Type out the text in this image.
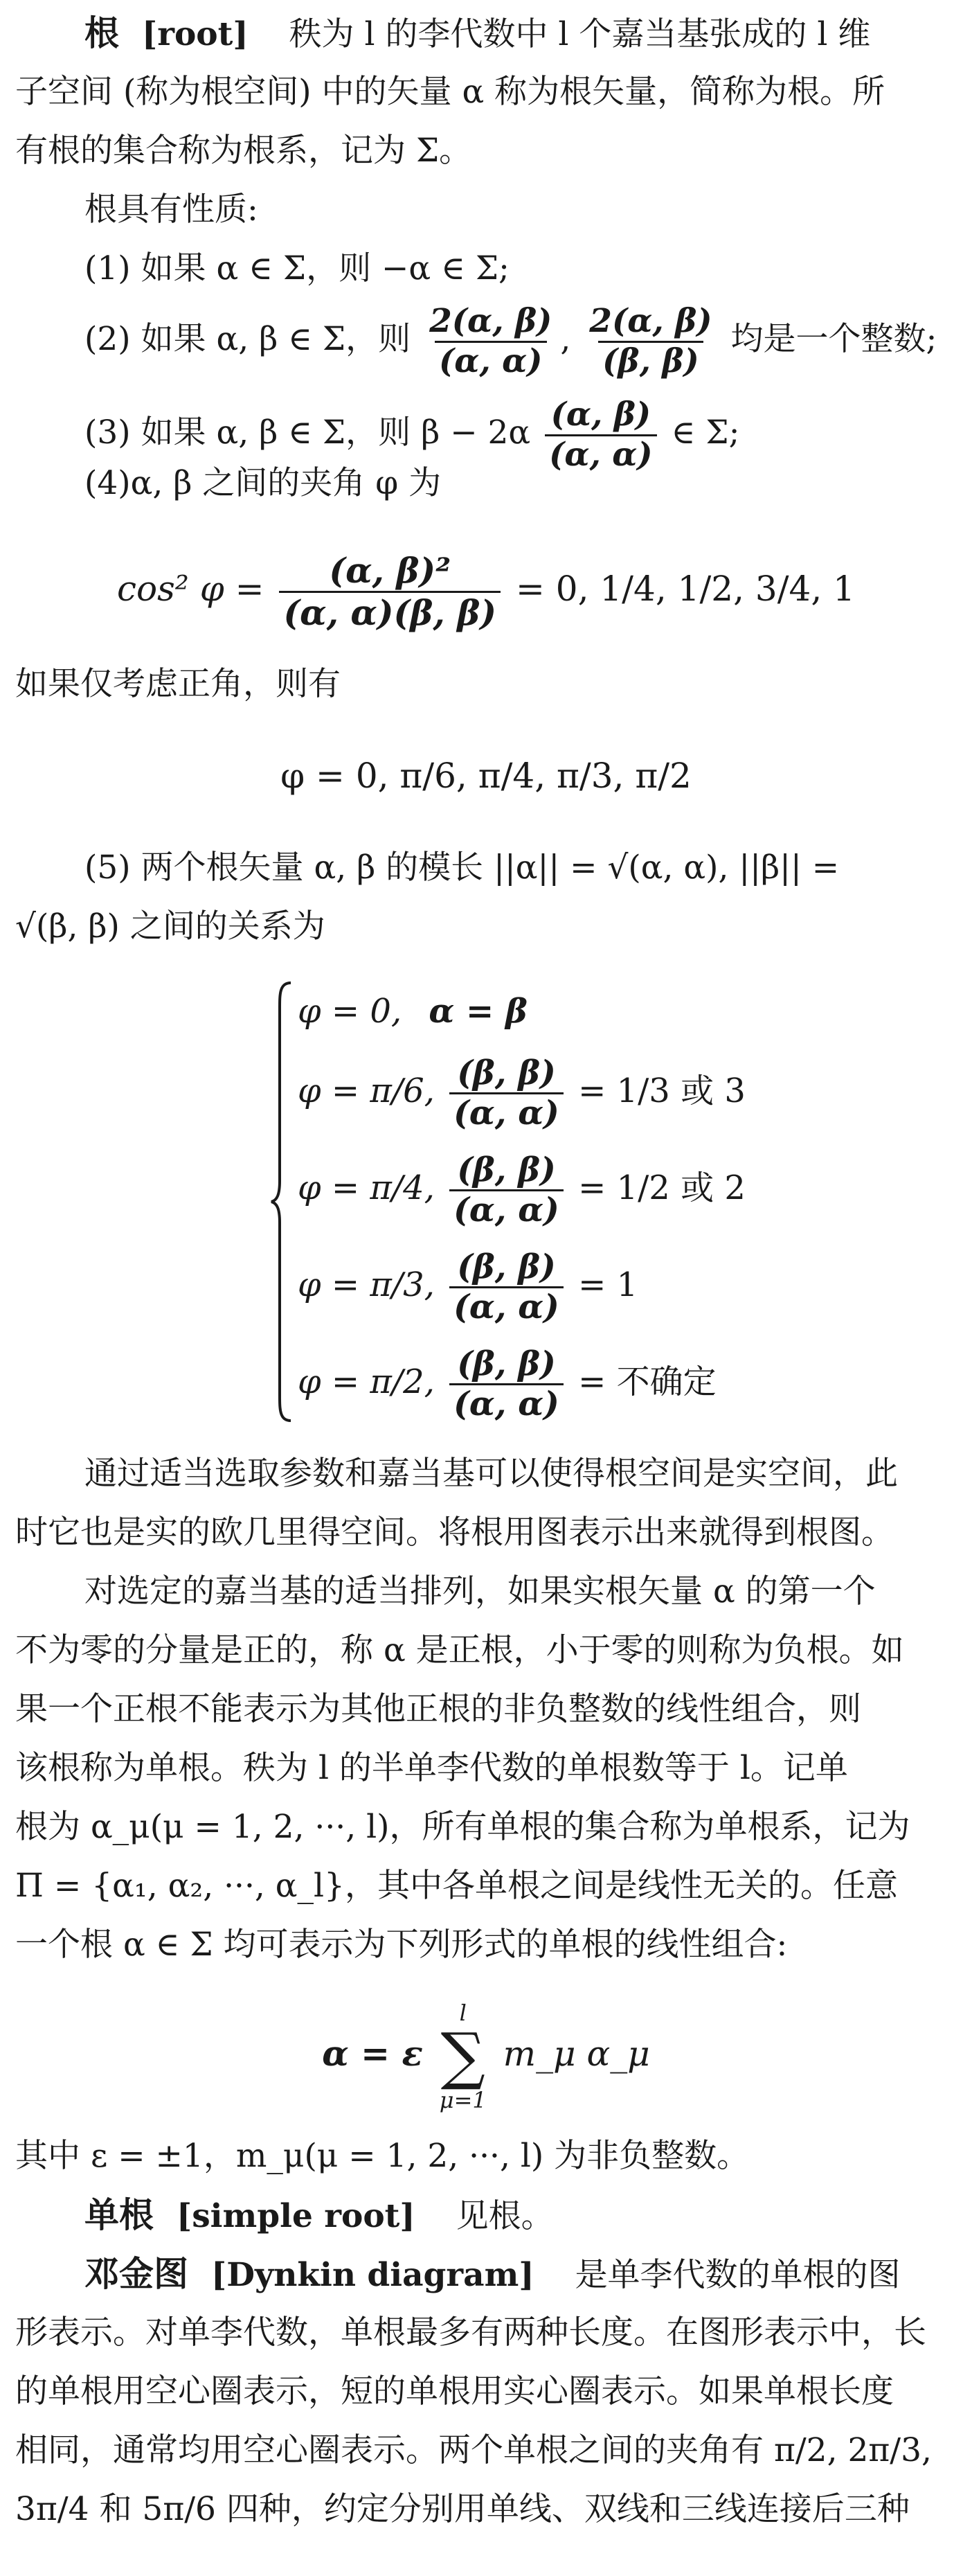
根 [root] 秩为 l 的李代数中 l 个嘉当基张成的 l 维
子空间 (称为根空间) 中的矢量 α 称为根矢量，简称为根。所
有根的集合称为根系，记为 Σ。
根具有性质:
(1) 如果 α ∈ Σ，则 −α ∈ Σ;
(2) 如果 α, β ∈ Σ，则 $\frac{2(\alpha, \beta)}{(\alpha, \alpha)}$ , $\frac{2(\alpha, \beta)}{(\beta, \beta)}$ 均是一个整数;
(3) 如果 α, β ∈ Σ，则 $\beta - 2\alpha \frac{(\alpha, \beta)}{(\alpha, \alpha)}$ ∈ Σ;
(4)α, β 之间的夹角 φ 为
cos² $\varphi = \frac{\text{(α, β)²}}{(\alpha, \alpha)(\beta, \beta)} = 0$, 1/4, 1/2, 3/4, 1
如果仅考虑正角，则有
φ = 0, π/6, π/4, π/3, π/2
(5) 两个根矢量 α, β 的模长 ||α|| = √(α, α), ||β|| =
√(β, β) 之间的关系为
φ = 0, α = β
φ = π/6, $\frac{(\beta, \beta)}{(\alpha, \alpha)} = 1/3$ 或 3
φ = π/4, $\frac{(\beta, \beta)}{(\alpha, \alpha)} = 1/2$ 或 2
φ = π/3, $\frac{(\beta, \beta)}{(\alpha, \alpha)} = 1$
φ = π/2, $\frac{(\beta, \beta)}{(\alpha, \alpha)}$ = 不确定
通过适当选取参数和嘉当基可以使得根空间是实空间，此
时它也是实的欧几里得空间。将根用图表示出来就得到根图。
对选定的嘉当基的适当排列，如果实根矢量 α 的第一个
不为零的分量是正的，称 α 是正根，小于零的则称为负根。如
果一个正根不能表示为其他正根的非负整数的线性组合，则
该根称为单根。秩为 l 的半单李代数的单根数等于 l。记单
根为 α_μ(μ = 1, 2, ···, l)，所有单根的集合称为单根系，记为
Π = {α₁, α₂, ···, α_l}，其中各单根之间是线性无关的。任意
一个根 α ∈ Σ 均可表示为下列形式的单根的线性组合:
α = ε
l
∑
μ=1
m_μ α_μ
其中 ε = ±1，m_μ(μ = 1, 2, ···, l) 为非负整数。
单根 [simple root] 见根。
邓金图 [Dynkin diagram] 是单李代数的单根的图
形表示。对单李代数，单根最多有两种长度。在图形表示中，长
的单根用空心圈表示，短的单根用实心圈表示。如果单根长度
相同，通常均用空心圈表示。两个单根之间的夹角有 π/2, 2π/3,
3π/4 和 5π/6 四种，约定分别用单线、双线和三线连接后三种
